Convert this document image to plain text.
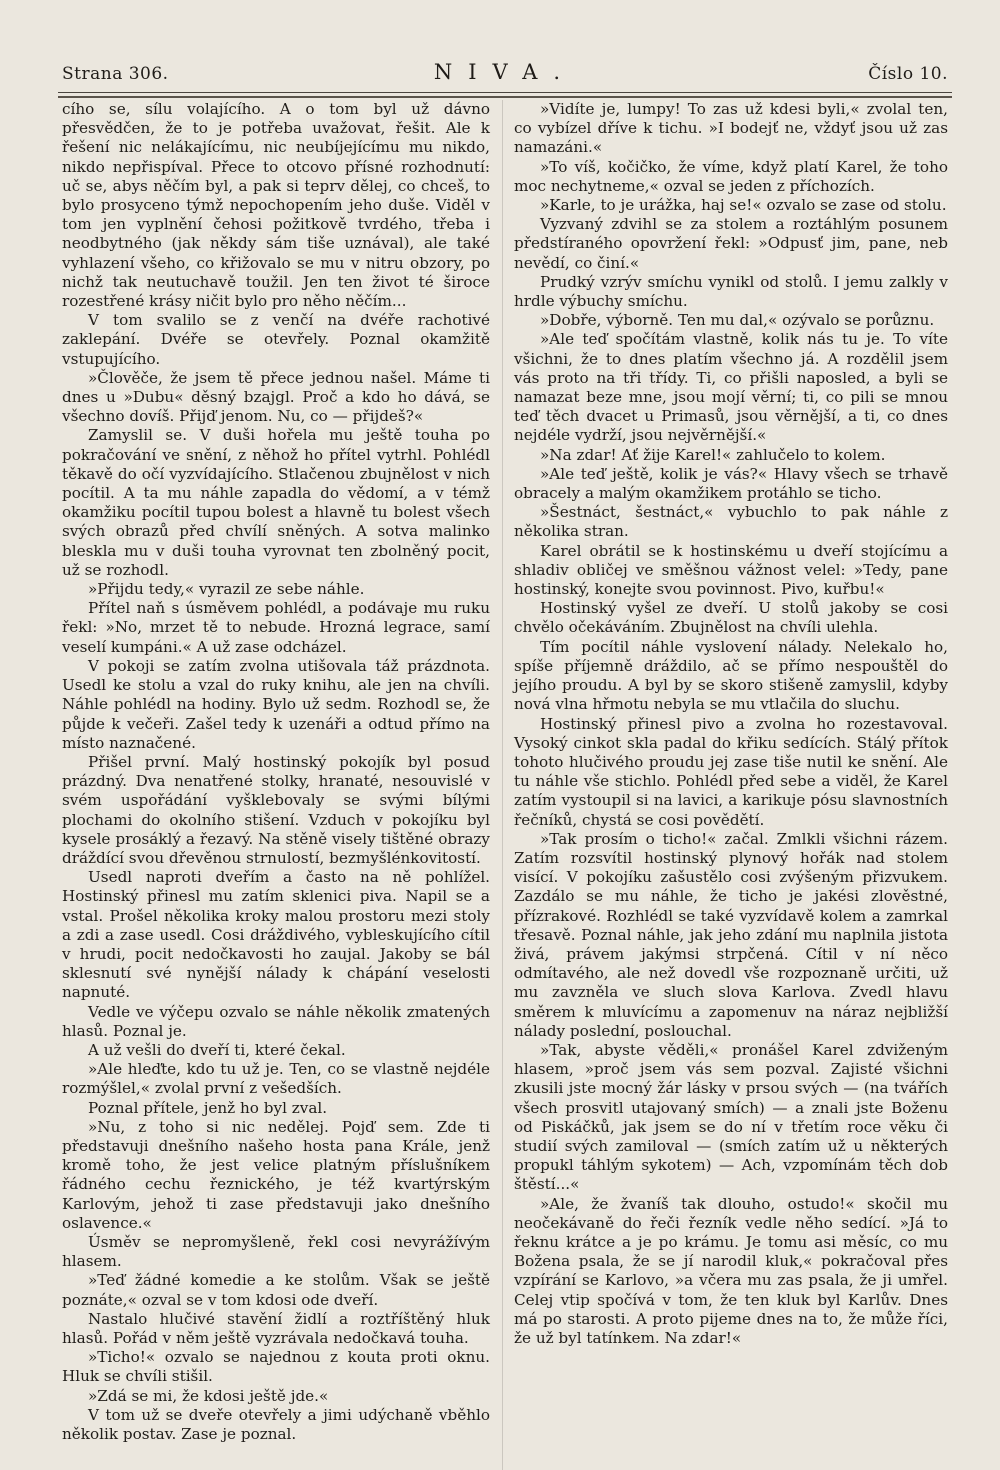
Strana 306.	NIVA.	Číslo 10.

cího se, sílu volajícího. A o tom byl už dávno přesvědčen, že to je potřeba uvažovat, řešit. Ale k řešení nic nelákajícímu, nic neubíjejícímu mu nikdo, nikdo nepřispíval. Přece to otcovo přísné rozhodnutí: uč se, abys něčím byl, a pak si teprv dělej, co chceš, to bylo prosyceno týmž nepochopením jeho duše. Viděl v tom jen vyplnění čehosi požitkově tvrdého, třeba i neodbytného (jak někdy sám tiše uznával), ale také vyhlazení všeho, co křižovalo se mu v nitru obzory, po nichž tak neutuchavě toužil. Jen ten život té široce rozestřené krásy ničit bylo pro něho něčím...

V tom svalilo se z venčí na dvéře rachotivé zaklepání. Dvéře se otevřely. Poznal okamžitě vstupujícího.

»Člověče, že jsem tě přece jednou našel. Máme ti dnes u »Dubu« děsný bzajgl. Proč a kdo ho dává, se všechno dovíš. Přijď jenom. Nu, co — přijdeš?«

Zamyslil se. V duši hořela mu ještě touha po pokračování ve snění, z něhož ho přítel vytrhl. Pohlédl těkavě do očí vyzvídajícího. Stlačenou zbujnělost v nich pocítil. A ta mu náhle zapadla do vědomí, a v témž okamžiku pocítil tupou bolest a hlavně tu bolest všech svých obrazů před chvílí sněných. A sotva malinko bleskla mu v duši touha vyrovnat ten zbolněný pocit, už se rozhodl.

»Přijdu tedy,« vyrazil ze sebe náhle.

Přítel naň s úsměvem pohlédl, a podávaje mu ruku řekl: »No, mrzet tě to nebude. Hrozná legrace, samí veselí kumpáni.« A už zase odcházel.

V pokoji se zatím zvolna utišovala táž prázdnota. Usedl ke stolu a vzal do ruky knihu, ale jen na chvíli. Náhle pohlédl na hodiny. Bylo už sedm. Rozhodl se, že půjde k večeři. Zašel tedy k uzenáři a odtud přímo na místo naznačené.

Přišel první. Malý hostinský pokojík byl posud prázdný. Dva nenatřené stolky, hranaté, nesouvislé v svém uspořádání vyšklebovaly se svými bílými plochami do okolního stišení. Vzduch v pokojíku byl kysele prosáklý a řezavý. Na stěně visely tištěné obrazy dráždící svou dřevěnou strnulostí, bezmyšlénkovitostí.

Usedl naproti dveřím a často na ně pohlížel. Hostinský přinesl mu zatím sklenici piva. Napil se a vstal. Prošel několika kroky malou prostoru mezi stoly a zdi a zase usedl. Cosi dráždivého, vybleskujícího cítil v hrudi, pocit nedočkavosti ho zaujal. Jakoby se bál sklesnutí své nynější nálady k chápání veselosti napnuté.

Vedle ve výčepu ozvalo se náhle několik zmatených hlasů. Poznal je.

A už vešli do dveří ti, které čekal.

»Ale hleďte, kdo tu už je. Ten, co se vlastně nejdéle rozmýšlel,« zvolal první z vešedších.

Poznal přítele, jenž ho byl zval.

»Nu, z toho si nic nedělej. Pojď sem. Zde ti představuji dnešního našeho hosta pana Krále, jenž kromě toho, že jest velice platným příslušníkem řádného cechu řeznického, je též kvartýrským Karlovým, jehož ti zase představuji jako dnešního oslavence.«

Úsměv se nepromyšleně, řekl cosi nevyrážívým hlasem.

»Teď žádné komedie a ke stolům. Však se ještě poznáte,« ozval se v tom kdosi ode dveří.

Nastalo hlučivé stavění židlí a roztříštěný hluk hlasů. Pořád v něm ještě vyzrávala nedočkavá touha.

»Ticho!« ozvalo se najednou z kouta proti oknu. Hluk se chvíli stišil.

»Zdá se mi, že kdosi ještě jde.«

V tom už se dveře otevřely a jimi udýchaně vběhlo několik postav. Zase je poznal.

»Vidíte je, lumpy! To zas už kdesi byli,« zvolal ten, co vybízel dříve k tichu. »I bodejť ne, vždyť jsou už zas namazáni.«

»To víš, kočičko, že víme, když platí Karel, že toho moc nechytneme,« ozval se jeden z příchozích.

»Karle, to je urážka, haj se!« ozvalo se zase od stolu.

Vyzvaný zdvihl se za stolem a roztáhlým posunem předstíraného opovržení řekl: »Odpusť jim, pane, neb nevědí, co činí.«

Prudký vzrýv smíchu vynikl od stolů. I jemu zalkly v hrdle výbuchy smíchu.

»Dobře, výborně. Ten mu dal,« ozývalo se porůznu.

»Ale teď spočítám vlastně, kolik nás tu je. To víte všichni, že to dnes platím všechno já. A rozdělil jsem vás proto na tři třídy. Ti, co přišli naposled, a byli se namazat beze mne, jsou mojí věrní; ti, co pili se mnou teď těch dvacet u Primasů, jsou věrnější, a ti, co dnes nejdéle vydrží, jsou nejvěrnější.«

»Na zdar! Ať žije Karel!« zahlučelo to kolem.

»Ale teď ještě, kolik je vás?« Hlavy všech se trhavě obracely a malým okamžikem protáhlo se ticho.

»Šestnáct, šestnáct,« vybuchlo to pak náhle z několika stran.

Karel obrátil se k hostinskému u dveří stojícímu a shladiv obličej ve směšnou vážnost velel: »Tedy, pane hostinský, konejte svou povinnost. Pivo, kuřbu!«

Hostinský vyšel ze dveří. U stolů jakoby se cosi chvělo očekáváním. Zbujnělost na chvíli ulehla.

Tím pocítil náhle vyslovení nálady. Nelekalo ho, spíše příjemně dráždilo, ač se přímo nespouštěl do jejího proudu. A byl by se skoro stišeně zamyslil, kdyby nová vlna hřmotu nebyla se mu vtlačila do sluchu.

Hostinský přinesl pivo a zvolna ho rozestavoval. Vysoký cinkot skla padal do křiku sedících. Stálý přítok tohoto hlučivého proudu jej zase tiše nutil ke snění. Ale tu náhle vše stichlo. Pohlédl před sebe a viděl, že Karel zatím vystoupil si na lavici, a karikuje pósu slavnostních řečníků, chystá se cosi povědětí.

»Tak prosím o ticho!« začal. Zmlkli všichni rázem. Zatím rozsvítil hostinský plynový hořák nad stolem visící. V pokojíku zašustělo cosi zvýšeným přizvukem. Zazdálo se mu náhle, že ticho je jakési zlověstné, přízrakové. Rozhlédl se také vyzvídavě kolem a zamrkal třesavě. Poznal náhle, jak jeho zdání mu naplnila jistota živá, právem jakýmsi strpčená. Cítil v ní něco odmítavého, ale než dovedl vše rozpoznaně určiti, už mu zavzněla ve sluch slova Karlova. Zvedl hlavu směrem k mluvícímu a zapomenuv na náraz nejbližší nálady poslední, poslouchal.

»Tak, abyste věděli,« pronášel Karel zdviženým hlasem, »proč jsem vás sem pozval. Zajisté všichni zkusili jste mocný žár lásky v prsou svých — (na tvářích všech prosvitl utajovaný smích) — a znali jste Boženu od Piskáčků, jak jsem se do ní v třetím roce věku či studií svých zamiloval — (smích zatím už u některých propukl táhlým sykotem) — Ach, vzpomínám těch dob štěstí...«

»Ale, že žvaníš tak dlouho, ostudo!« skočil mu neočekávaně do řeči řezník vedle něho sedící. »Já to řeknu krátce a je po krámu. Je tomu asi měsíc, co mu Božena psala, že se jí narodil kluk,« pokračoval přes vzpírání se Karlovo, »a včera mu zas psala, že ji umřel. Celej vtip spočívá v tom, že ten kluk byl Karlův. Dnes má po starosti. A proto pijeme dnes na to, že může říci, že už byl tatínkem. Na zdar!«
